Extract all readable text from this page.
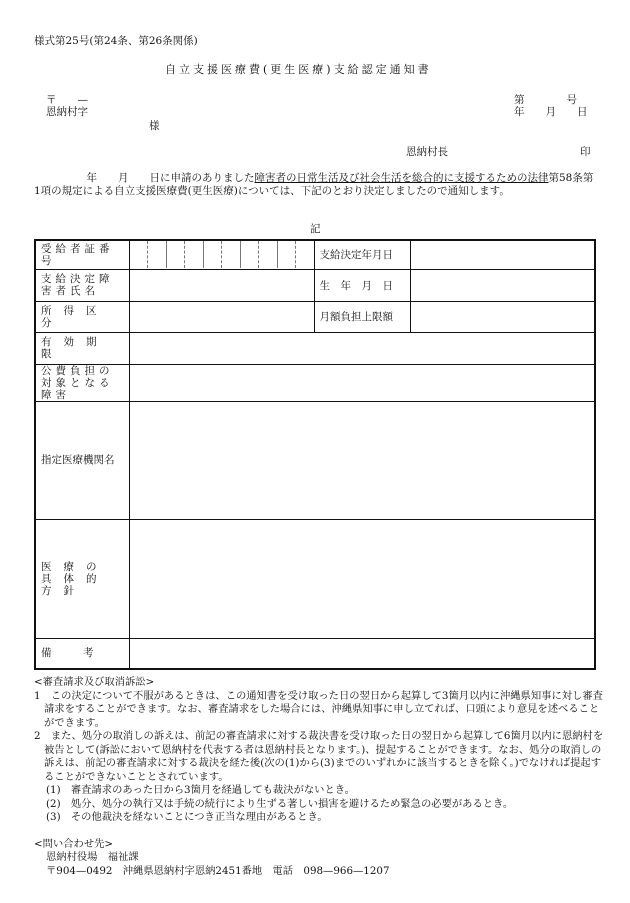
様式第25号(第24条、第26条関係)
自立支援医療費(更生医療)支給認定通知書
〒　　—
恩納村字
様
第　　　　号
年　　月　　日
恩納村長	印
　　　　　年　　月　　日に申請のありました障害者の日常生活及び社会生活を総合的に支援するための法律第58条第1項の規定による自立支援医療費(更生医療)については、下記のとおり決定しましたので通知します。
記
受給者証番号		支給決定年月日	
支給決定障害者氏名		生　年　月　日	
所得区分		月額負担上限額	
有効期限			
公費負担の対象となる障害			
指定医療機関名			
医療の具体的方針			
備　　　考			
<審査請求及び取消訴訟>
1　この決定について不服があるときは、この通知書を受け取った日の翌日から起算して3箇月以内に沖縄県知事に対し審査請求をすることができます。なお、審査請求をした場合には、沖縄県知事に申し立てれば、口頭により意見を述べることができます。
2　また、処分の取消しの訴えは、前記の審査請求に対する裁決書を受け取った日の翌日から起算して6箇月以内に恩納村を被告として(訴訟において恩納村を代表する者は恩納村長となります。)、提起することができます。なお、処分の取消しの訴えは、前記の審査請求に対する裁決を経た後(次の(1)から(3)までのいずれかに該当するときを除く。)でなければ提起することができないこととされています。
(1)　審査請求のあった日から3箇月を経過しても裁決がないとき。
(2)　処分、処分の執行又は手続の続行により生ずる著しい損害を避けるため緊急の必要があるとき。
(3)　その他裁決を経ないことにつき正当な理由があるとき。
<問い合わせ先>
恩納村役場　福祉課
〒904—0492　沖縄県恩納村字恩納2451番地　電話　098—966—1207
